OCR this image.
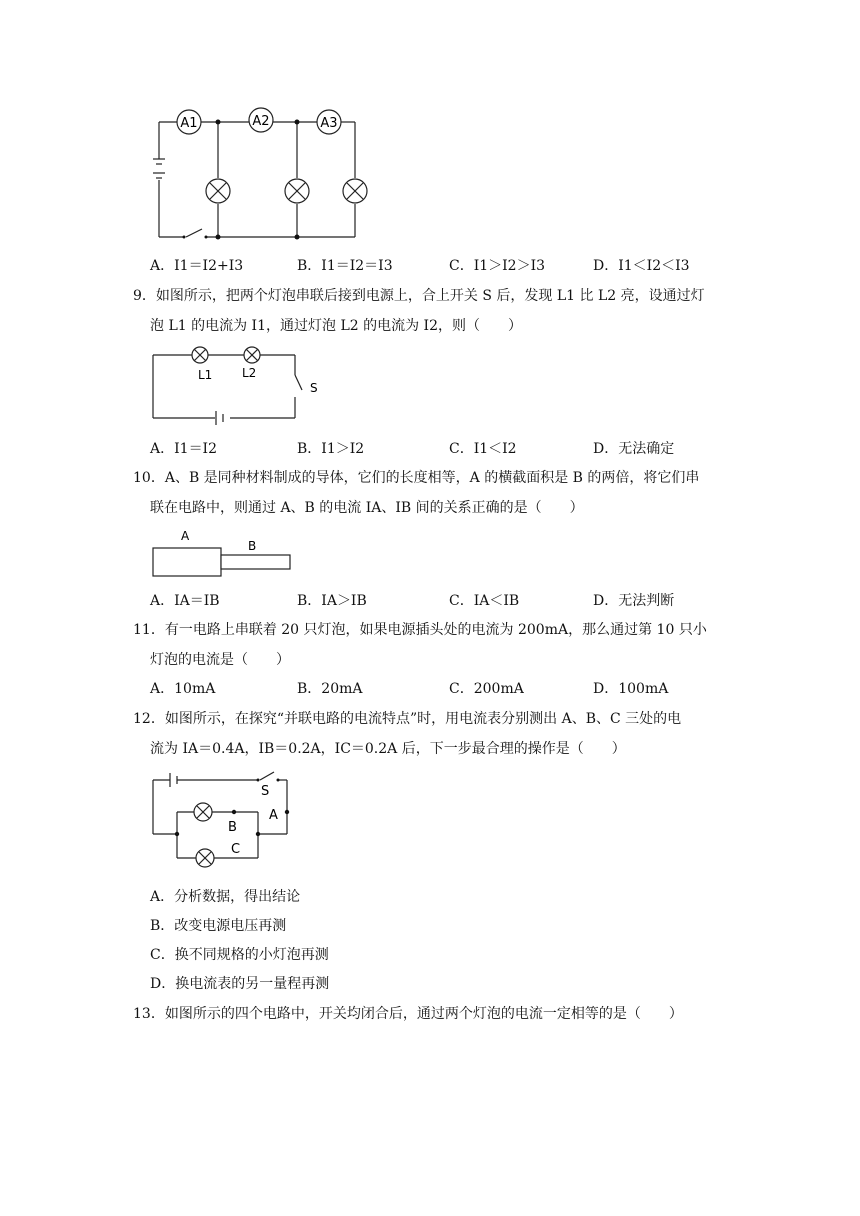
A1	A2	A3
A．I1＝I2+I3	B．I1＝I2＝I3	C．I1＞I2＞I3	D．I1＜I2＜I3
9．如图所示，把两个灯泡串联后接到电源上，合上开关 S 后，发现 L1 比 L2 亮，设通过灯
泡 L1 的电流为 I1，通过灯泡 L2 的电流为 I2，则（　　）
L1 L2
S
A．I1＝I2	B．I1＞I2	C．I1＜I2	D．无法确定
10．A、B 是同种材料制成的导体，它们的长度相等，A 的横截面积是 B 的两倍，将它们串
联在电路中，则通过 A、B 的电流 IA、IB 间的关系正确的是（　　）
A
B
A．IA＝IB	B．IA＞IB	C．IA＜IB	D．无法判断
11．有一电路上串联着 20 只灯泡，如果电源插头处的电流为 200mA，那么通过第 10 只小
灯泡的电流是（　　）
A．10mA	B．20mA	C．200mA	D．100mA
12．如图所示，在探究“并联电路的电流特点”时，用电流表分别测出 A、B、C 三处的电
流为 IA＝0.4A，IB＝0.2A，IC＝0.2A 后，下一步最合理的操作是（　　）
S
A
B
C
A．分析数据，得出结论
B．改变电源电压再测
C．换不同规格的小灯泡再测
D．换电流表的另一量程再测
13．如图所示的四个电路中，开关均闭合后，通过两个灯泡的电流一定相等的是（　　）
